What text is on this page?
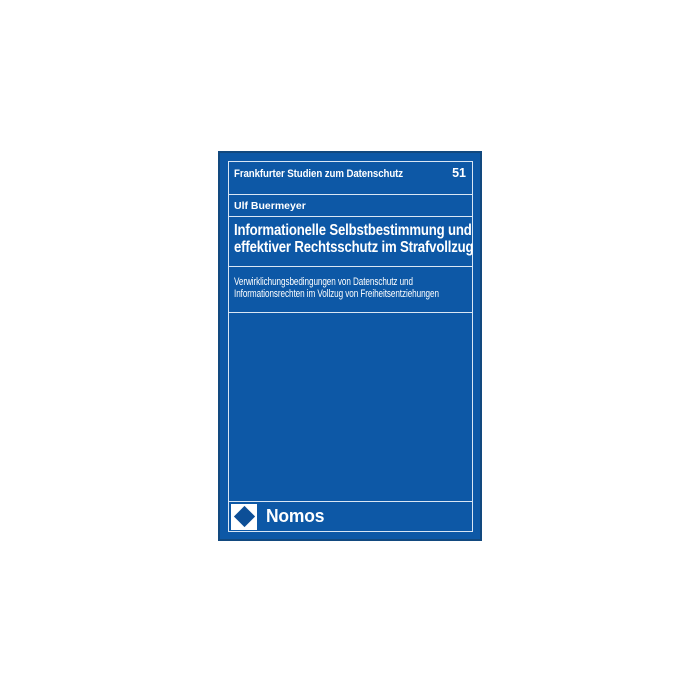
Frankfurter Studien zum Datenschutz	51
Ulf Buermeyer
Informationelle Selbstbestimmung und
effektiver Rechtsschutz im Strafvollzug
Verwirklichungsbedingungen von Datenschutz und
Informationsrechten im Vollzug von Freiheitsentziehungen
Nomos
